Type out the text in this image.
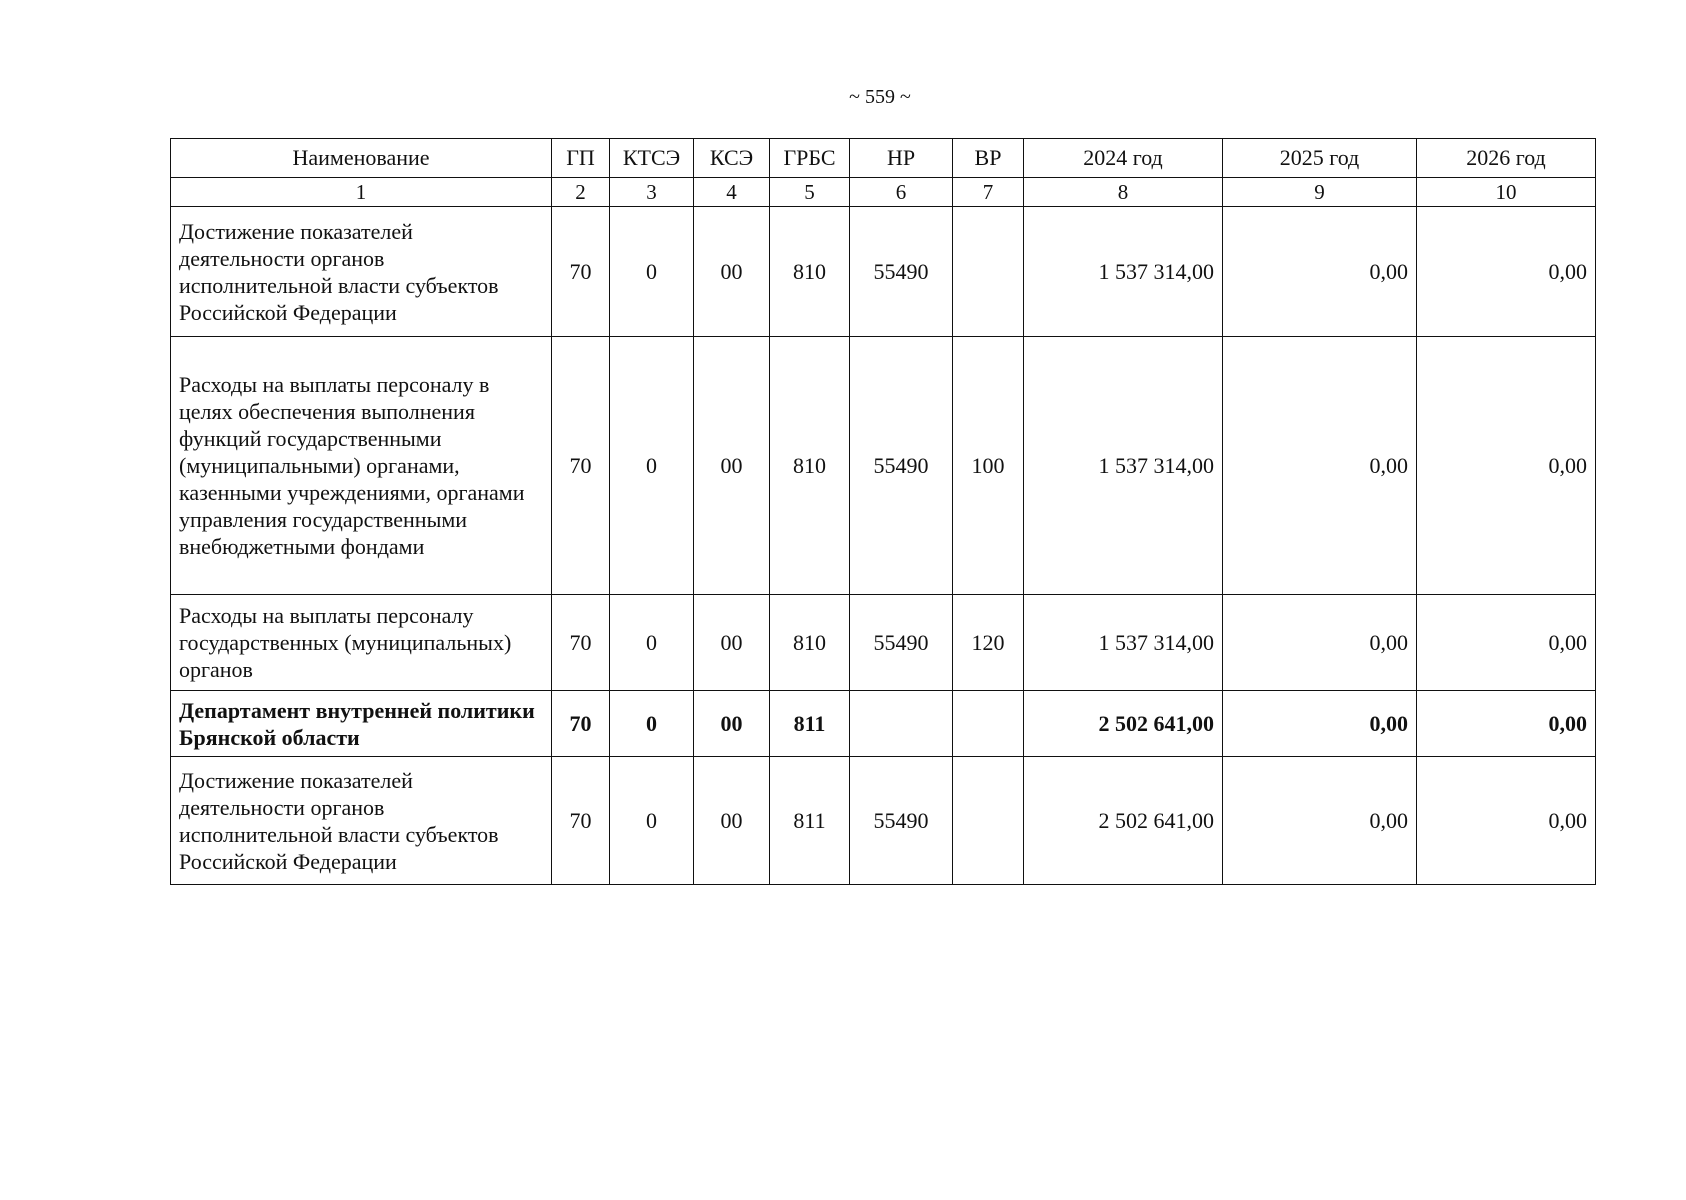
~ 559 ~
Наименование	ГП	КТСЭ	КСЭ	ГРБС	НР	ВР	2024 год	2025 год	2026 год
1	2	3	4	5	6	7	8	9	10
Достижение показателей деятельности органов исполнительной власти субъектов Российской Федерации	70	0	00	810	55490		1 537 314,00	0,00	0,00
Расходы на выплаты персоналу в целях обеспечения выполнения функций государственными (муниципальными) органами, казенными учреждениями, органами управления государственными внебюджетными фондами	70	0	00	810	55490	100	1 537 314,00	0,00	0,00
Расходы на выплаты персоналу государственных (муниципальных) органов	70	0	00	810	55490	120	1 537 314,00	0,00	0,00
Департамент внутренней политики Брянской области	70	0	00	811			2 502 641,00	0,00	0,00
Достижение показателей деятельности органов исполнительной власти субъектов Российской Федерации	70	0	00	811	55490		2 502 641,00	0,00	0,00
